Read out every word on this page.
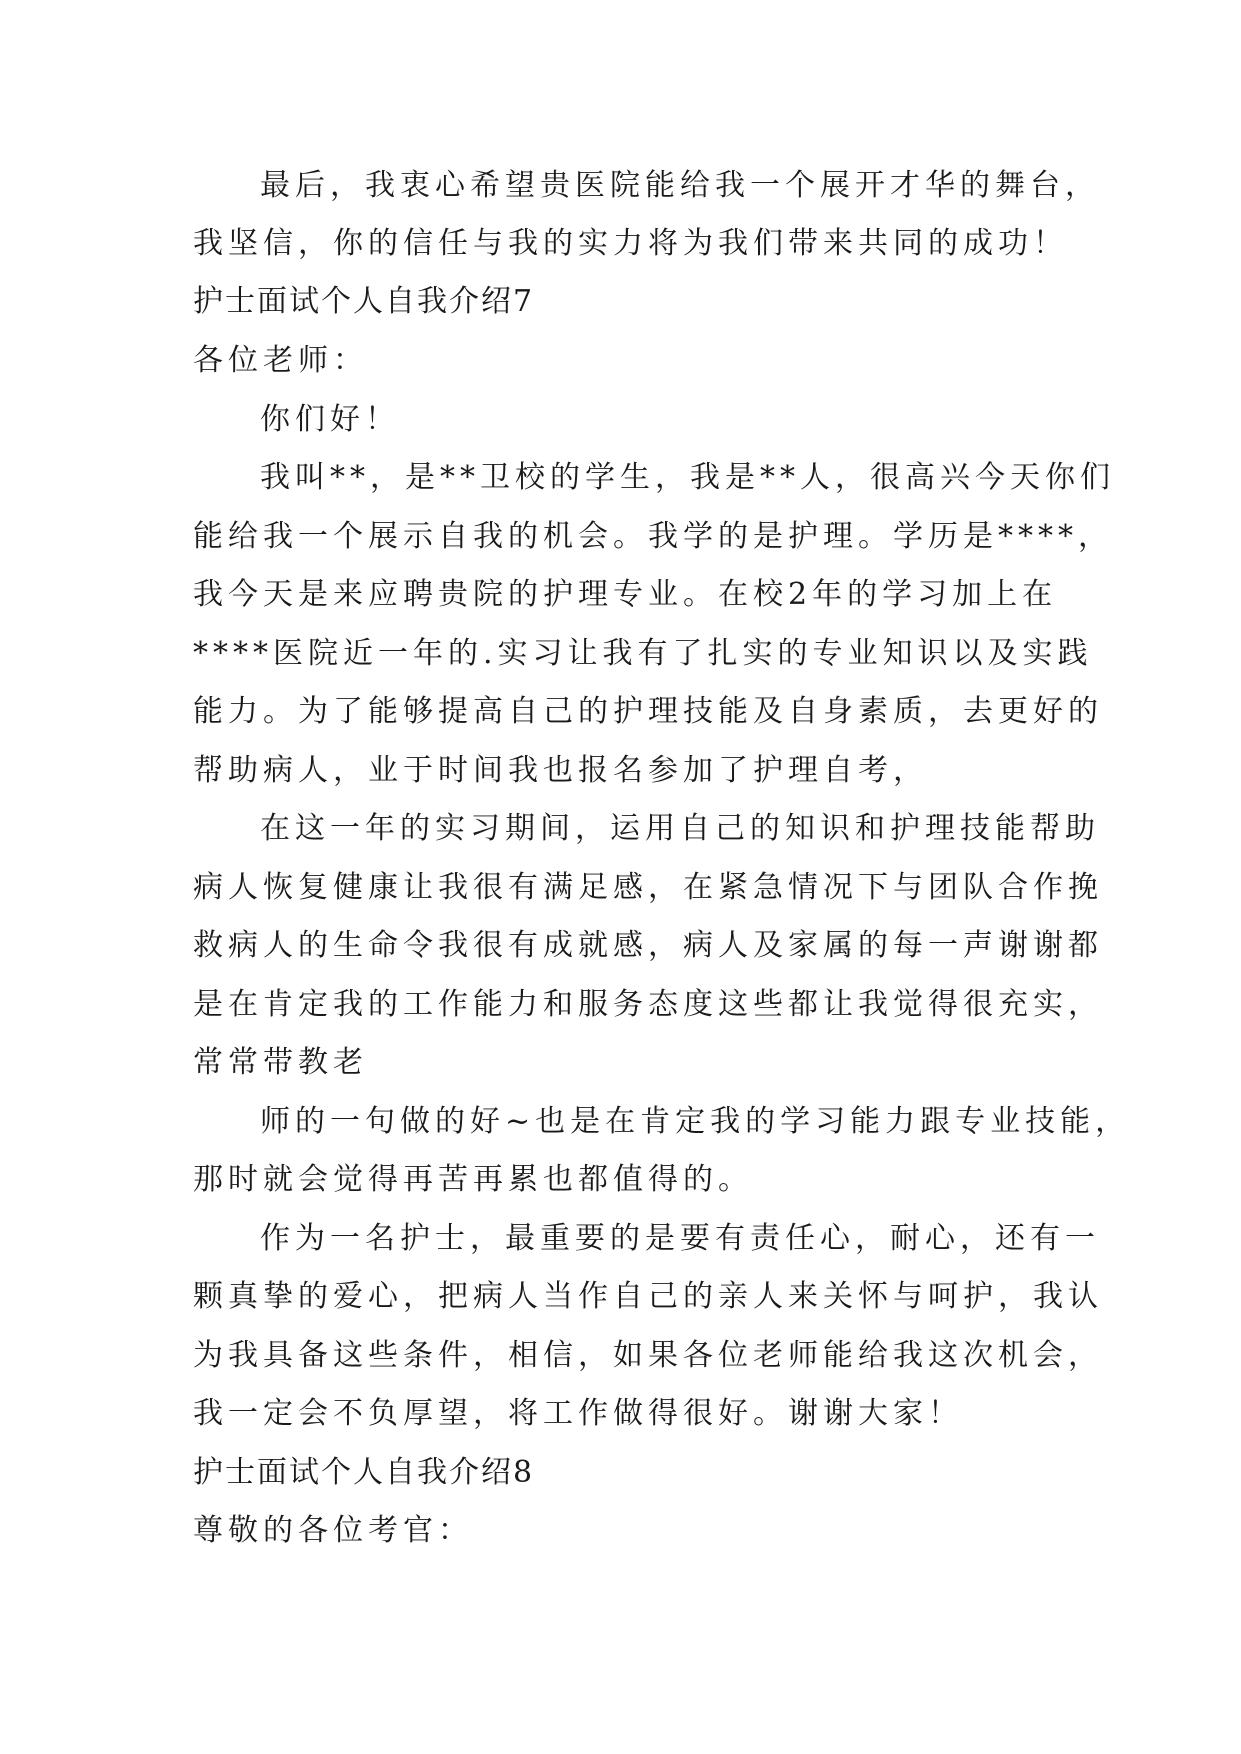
最后，我衷心希望贵医院能给我一个展开才华的舞台，
我坚信，你的信任与我的实力将为我们带来共同的成功！
护士面试个人自我介绍7
各位老师：
你们好！
我叫**，是**卫校的学生，我是**人，很高兴今天你们
能给我一个展示自我的机会。我学的是护理。学历是****，
我今天是来应聘贵院的护理专业。在校2年的学习加上在
****医院近一年的.实习让我有了扎实的专业知识以及实践
能力。为了能够提高自己的护理技能及自身素质，去更好的
帮助病人，业于时间我也报名参加了护理自考，
在这一年的实习期间，运用自己的知识和护理技能帮助
病人恢复健康让我很有满足感，在紧急情况下与团队合作挽
救病人的生命令我很有成就感，病人及家属的每一声谢谢都
是在肯定我的工作能力和服务态度这些都让我觉得很充实，
常常带教老
师的一句做的好~也是在肯定我的学习能力跟专业技能，
那时就会觉得再苦再累也都值得的。
作为一名护士，最重要的是要有责任心，耐心，还有一
颗真挚的爱心，把病人当作自己的亲人来关怀与呵护，我认
为我具备这些条件，相信，如果各位老师能给我这次机会，
我一定会不负厚望，将工作做得很好。谢谢大家！
护士面试个人自我介绍8
尊敬的各位考官：
